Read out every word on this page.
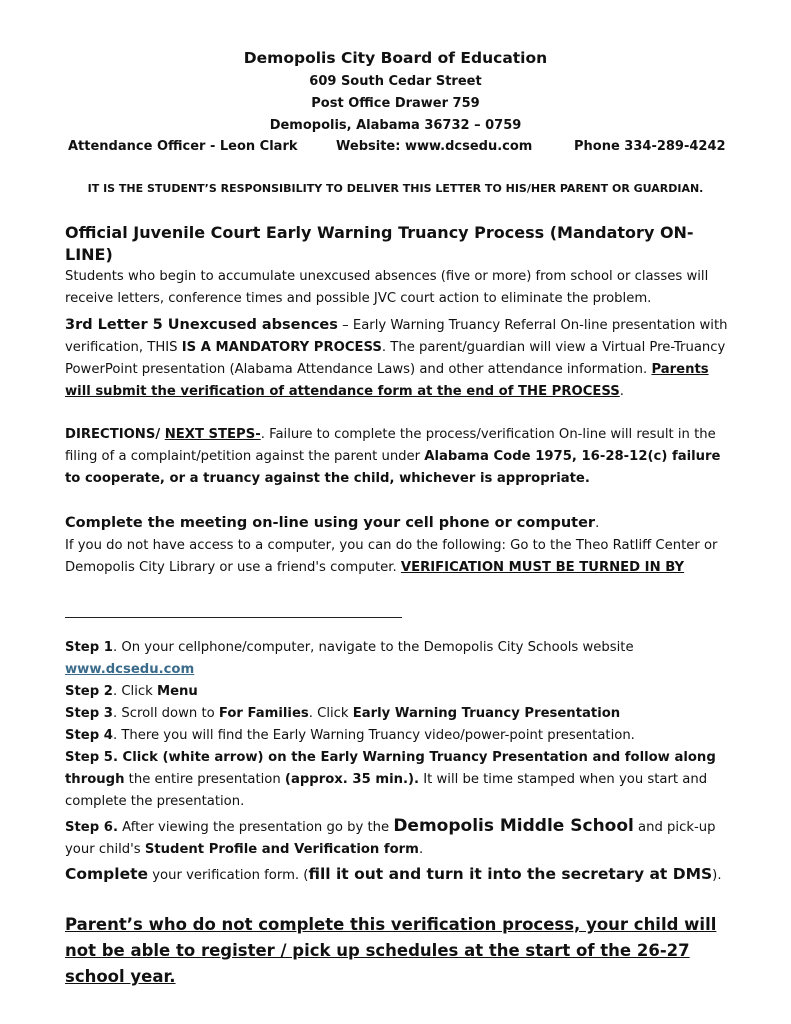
Demopolis City Board of Education
609 South Cedar Street
Post Office Drawer 759
Demopolis, Alabama 36732 – 0759
Attendance Officer - Leon Clark	Website: www.dcsedu.com	Phone 334-289-4242
IT IS THE STUDENT’S RESPONSIBILITY TO DELIVER THIS LETTER TO HIS/HER PARENT OR GUARDIAN.
Official Juvenile Court Early Warning Truancy Process (Mandatory ON-LINE)
Students who begin to accumulate unexcused absences (five or more) from school or classes will receive letters, conference times and possible JVC court action to eliminate the problem.
3rd Letter 5 Unexcused absences – Early Warning Truancy Referral On-line presentation with verification, THIS IS A MANDATORY PROCESS. The parent/guardian will view a Virtual Pre-Truancy PowerPoint presentation (Alabama Attendance Laws) and other attendance information. Parents will submit the verification of attendance form at the end of THE PROCESS.
DIRECTIONS/ NEXT STEPS-. Failure to complete the process/verification On-line will result in the filing of a complaint/petition against the parent under Alabama Code 1975, 16-28-12(c) failure to cooperate, or a truancy against the child, whichever is appropriate.
Complete the meeting on-line using your cell phone or computer.
If you do not have access to a computer, you can do the following: Go to the Theo Ratliff Center or Demopolis City Library or use a friend's computer. VERIFICATION MUST BE TURNED IN BY
Step 1. On your cellphone/computer, navigate to the Demopolis City Schools website
www.dcsedu.com
Step 2. Click Menu
Step 3. Scroll down to For Families. Click Early Warning Truancy Presentation
Step 4. There you will find the Early Warning Truancy video/power-point presentation.
Step 5. Click (white arrow) on the Early Warning Truancy Presentation and follow along through the entire presentation (approx. 35 min.). It will be time stamped when you start and complete the presentation.
Step 6. After viewing the presentation go by the Demopolis Middle School and pick-up your child's Student Profile and Verification form.
Complete your verification form. (fill it out and turn it into the secretary at DMS).
Parent’s who do not complete this verification process, your child will not be able to register / pick up schedules at the start of the 26-27 school year.
